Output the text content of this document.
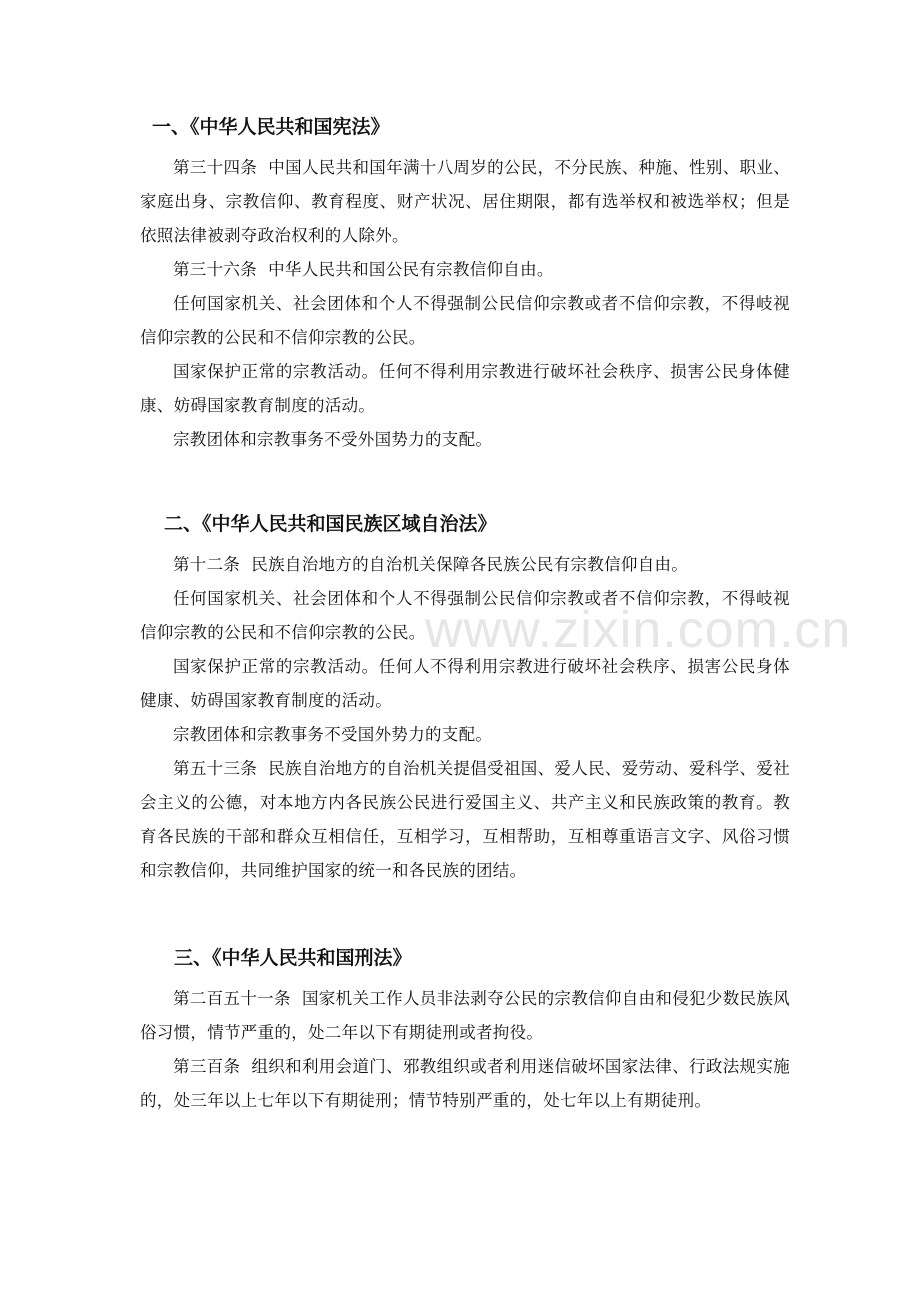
www.zixin.com.cn
一、《中华人民共和国宪法》

第三十四条  中国人民共和国年满十八周岁的公民，不分民族、种施、性别、职业、家庭出身、宗教信仰、教育程度、财产状况、居住期限，都有选举权和被选举权；但是依照法律被剥夺政治权利的人除外。

第三十六条  中华人民共和国公民有宗教信仰自由。

任何国家机关、社会团体和个人不得强制公民信仰宗教或者不信仰宗教，不得岐视信仰宗教的公民和不信仰宗教的公民。

国家保护正常的宗教活动。任何不得利用宗教进行破坏社会秩序、损害公民身体健康、妨碍国家教育制度的活动。

宗教团体和宗教事务不受外国势力的支配。

二、《中华人民共和国民族区域自治法》

第十二条  民族自治地方的自治机关保障各民族公民有宗教信仰自由。

任何国家机关、社会团体和个人不得强制公民信仰宗教或者不信仰宗教，不得岐视信仰宗教的公民和不信仰宗教的公民。

国家保护正常的宗教活动。任何人不得利用宗教进行破坏社会秩序、损害公民身体健康、妨碍国家教育制度的活动。

宗教团体和宗教事务不受国外势力的支配。

第五十三条  民族自治地方的自治机关提倡受祖国、爱人民、爱劳动、爱科学、爱社会主义的公德，对本地方内各民族公民进行爱国主义、共产主义和民族政策的教育。教育各民族的干部和群众互相信任，互相学习，互相帮助，互相尊重语言文字、风俗习惯和宗教信仰，共同维护国家的统一和各民族的团结。

三、《中华人民共和国刑法》

第二百五十一条  国家机关工作人员非法剥夺公民的宗教信仰自由和侵犯少数民族风俗习惯，情节严重的，处二年以下有期徒刑或者拘役。

第三百条  组织和利用会道门、邪教组织或者利用迷信破坏国家法律、行政法规实施的，处三年以上七年以下有期徒刑；情节特别严重的，处七年以上有期徒刑。
